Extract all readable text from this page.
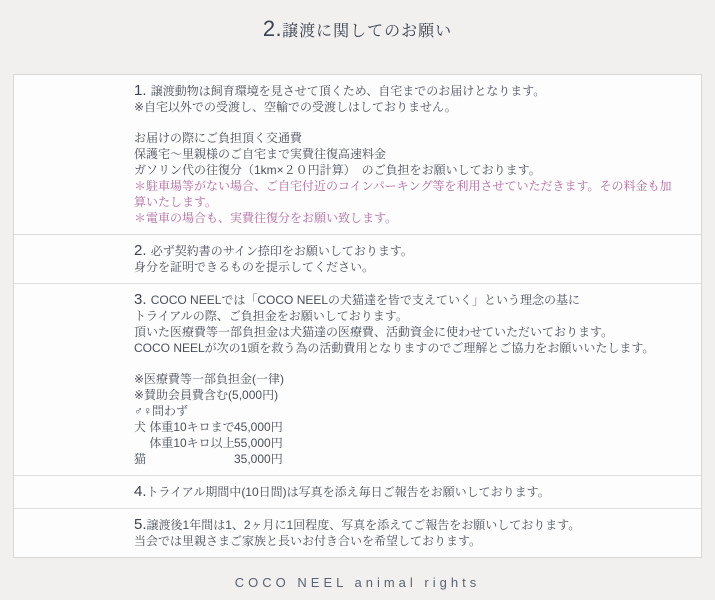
2.譲渡に関してのお願い
1. 譲渡動物は飼育環境を見させて頂くため、自宅までのお届けとなります。
※自宅以外での受渡し、空輸での受渡しはしておりません。
お届けの際にご負担頂く交通費
保護宅〜里親様のご自宅まで実費往復高速料金
ガソリン代の往復分（1km×２０円計算）　のご負担をお願いしております。
＊駐車場等がない場合、ご自宅付近のコインパーキング等を利用させていただきます。その料金も加算いたします。
＊電車の場合も、実費往復分をお願い致します。
2. 必ず契約書のサイン捺印をお願いしております。
身分を証明できるものを提示してください。
3. COCO NEELでは「COCO NEELの犬猫達を皆で支えていく」という理念の基に
トライアルの際、ご負担金をお願いしております。
頂いた医療費等一部負担金は犬猫達の医療費、活動資金に使わせていただいております。
COCO NEELが次の1頭を救う為の活動費用となりますのでご理解とご協力をお願いいたします。
※医療費等一部負担金(一律)
※賛助会員費含む(5,000円)
♂♀問わず
犬 体重10キロまで45,000円
　 体重10キロ以上55,000円
猫	35,000円
4.トライアル期間中(10日間)は写真を添え毎日ご報告をお願いしております。
5.譲渡後1年間は1、2ヶ月に1回程度、写真を添えてご報告をお願いしております。
当会では里親さまご家族と長いお付き合いを希望しております。
COCO NEEL animal rights
